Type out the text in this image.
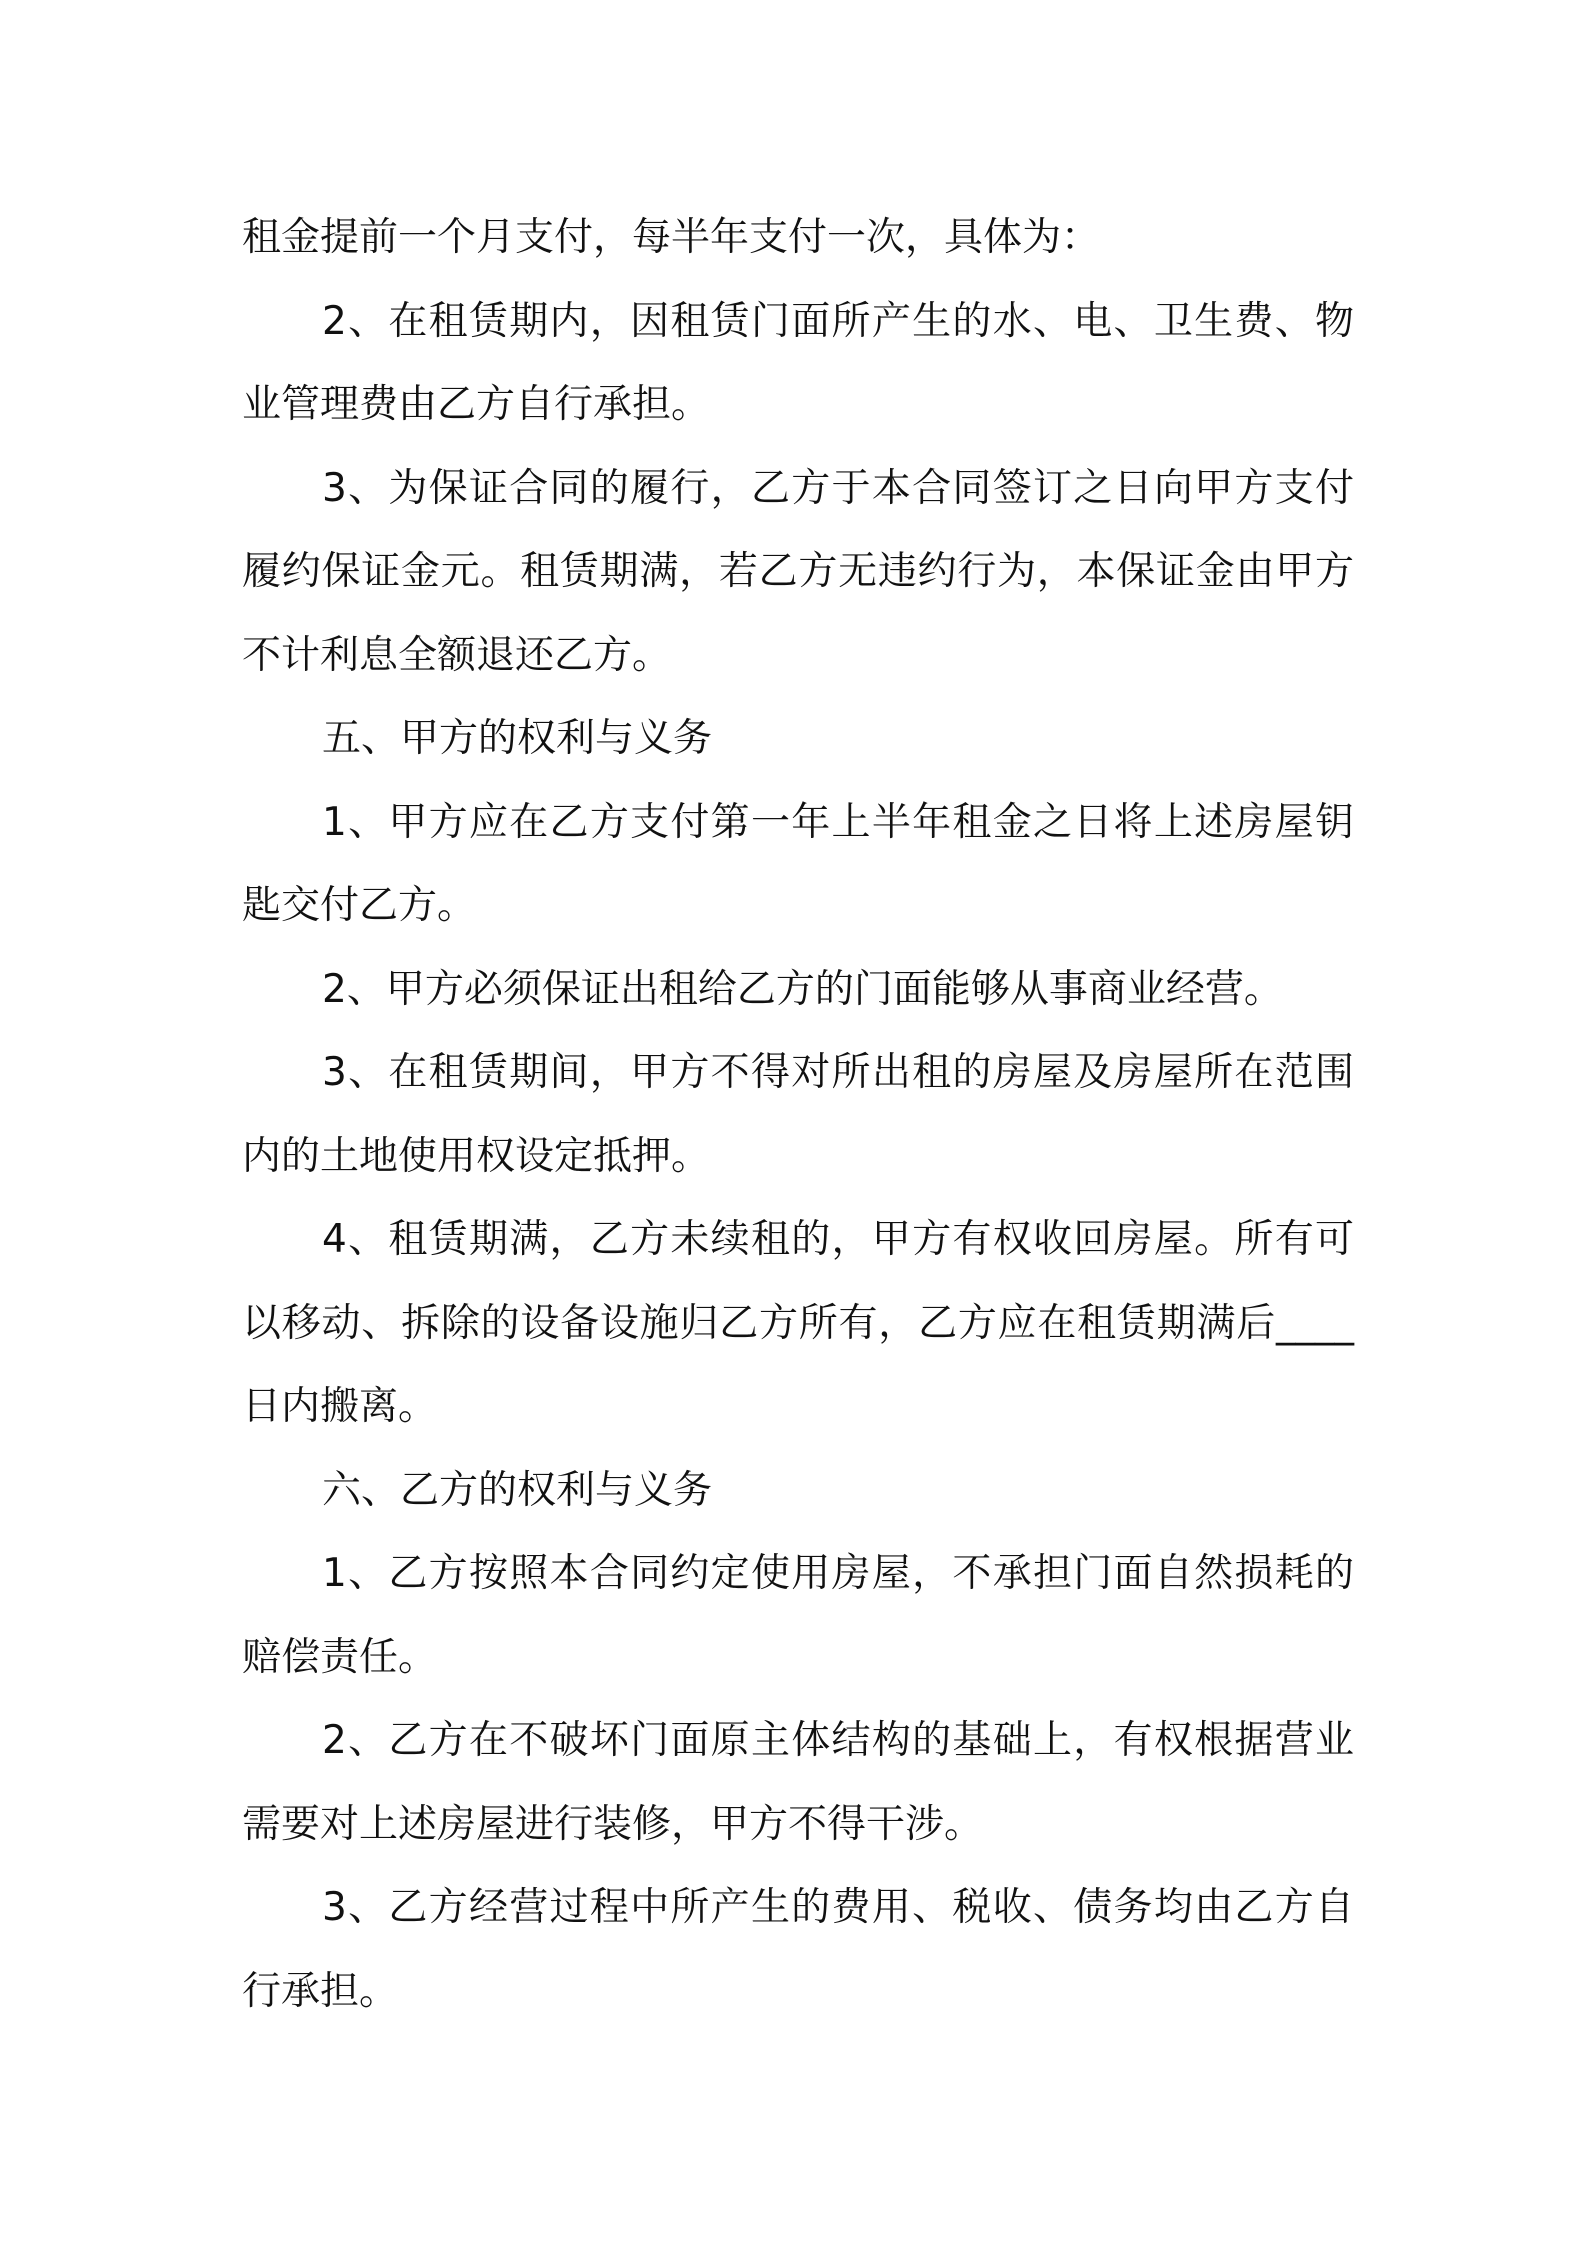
租金提前一个月支付，每半年支付一次，具体为：

2、在租赁期内，因租赁门面所产生的水、电、卫生费、物业管理费由乙方自行承担。

3、为保证合同的履行，乙方于本合同签订之日向甲方支付履约保证金元。租赁期满，若乙方无违约行为，本保证金由甲方不计利息全额退还乙方。

五、甲方的权利与义务

1、甲方应在乙方支付第一年上半年租金之日将上述房屋钥匙交付乙方。

2、甲方必须保证出租给乙方的门面能够从事商业经营。

3、在租赁期间，甲方不得对所出租的房屋及房屋所在范围内的土地使用权设定抵押。

4、租赁期满，乙方未续租的，甲方有权收回房屋。所有可以移动、拆除的设备设施归乙方所有，乙方应在租赁期满后____日内搬离。

六、乙方的权利与义务

1、乙方按照本合同约定使用房屋，不承担门面自然损耗的赔偿责任。

2、乙方在不破坏门面原主体结构的基础上，有权根据营业需要对上述房屋进行装修，甲方不得干涉。

3、乙方经营过程中所产生的费用、税收、债务均由乙方自行承担。
